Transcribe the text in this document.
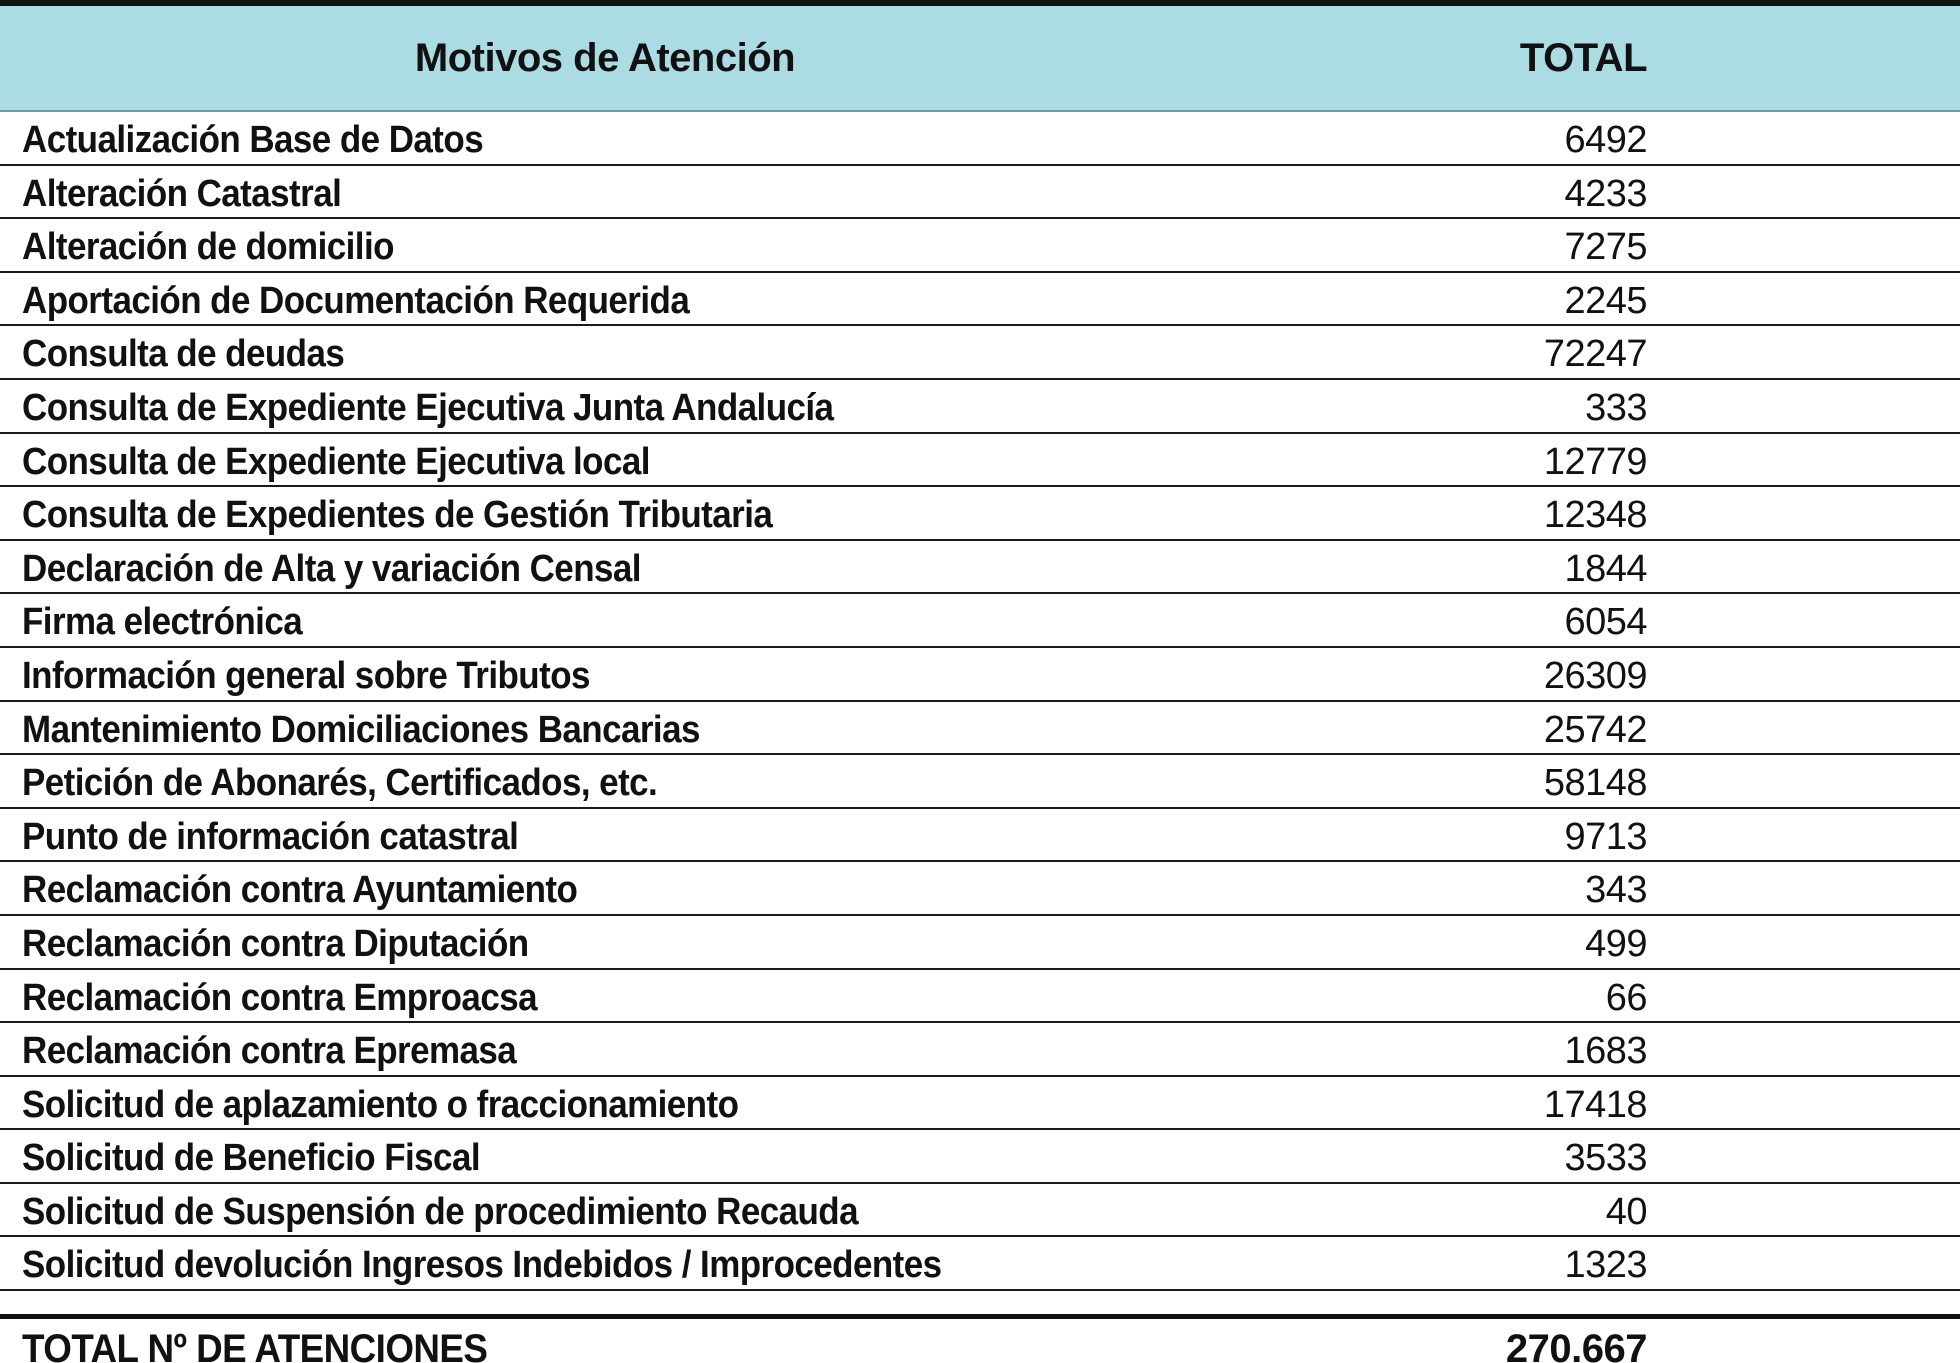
Motivos de Atención	TOTAL
Actualización Base de Datos	6492
Alteración Catastral	4233
Alteración de domicilio	7275
Aportación de Documentación Requerida	2245
Consulta de deudas	72247
Consulta de Expediente Ejecutiva Junta Andalucía	333
Consulta de Expediente Ejecutiva local	12779
Consulta de Expedientes de Gestión Tributaria	12348
Declaración de Alta y variación Censal	1844
Firma electrónica	6054
Información general sobre Tributos	26309
Mantenimiento Domiciliaciones Bancarias	25742
Petición de Abonarés, Certificados, etc.	58148
Punto de información catastral	9713
Reclamación contra Ayuntamiento	343
Reclamación contra Diputación	499
Reclamación contra Emproacsa	66
Reclamación contra Epremasa	1683
Solicitud de aplazamiento o fraccionamiento	17418
Solicitud de Beneficio Fiscal	3533
Solicitud de Suspensión de procedimiento Recauda	40
Solicitud devolución Ingresos Indebidos / Improcedentes	1323
TOTAL Nº DE ATENCIONES	270.667
